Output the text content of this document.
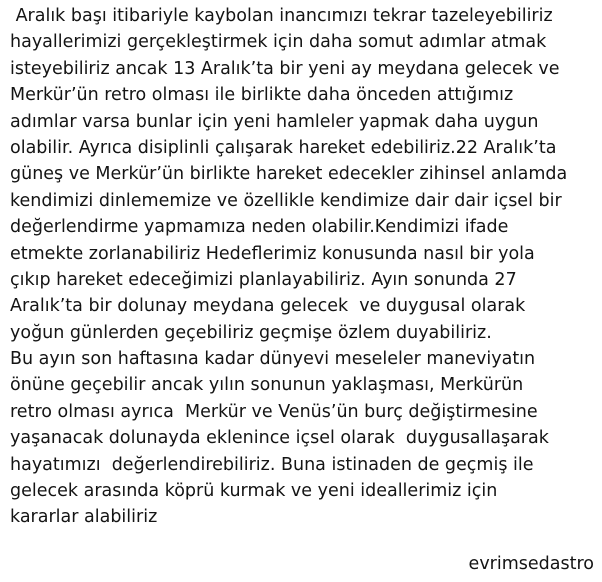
Aralık başı itibariyle kaybolan inancımızı tekrar tazeleyebiliriz
hayallerimizi gerçekleştirmek için daha somut adımlar atmak
isteyebiliriz ancak 13 Aralık’ta bir yeni ay meydana gelecek ve
Merkür’ün retro olması ile birlikte daha önceden attığımız
adımlar varsa bunlar için yeni hamleler yapmak daha uygun
olabilir. Ayrıca disiplinli çalışarak hareket edebiliriz.22 Aralık’ta
güneş ve Merkür’ün birlikte hareket edecekler zihinsel anlamda
kendimizi dinlememize ve özellikle kendimize dair dair içsel bir
değerlendirme yapmamıza neden olabilir.Kendimizi ifade
etmekte zorlanabiliriz Hedeflerimiz konusunda nasıl bir yola
çıkıp hareket edeceğimizi planlayabiliriz. Ayın sonunda 27
Aralık’ta bir dolunay meydana gelecek  ve duygusal olarak
yoğun günlerden geçebiliriz geçmişe özlem duyabiliriz.
Bu ayın son haftasına kadar dünyevi meseleler maneviyatın
önüne geçebilir ancak yılın sonunun yaklaşması, Merkürün
retro olması ayrıca  Merkür ve Venüs’ün burç değiştirmesine
yaşanacak dolunayda eklenince içsel olarak  duygusallaşarak
hayatımızı  değerlendirebiliriz. Buna istinaden de geçmiş ile
gelecek arasında köprü kurmak ve yeni ideallerimiz için
kararlar alabiliriz
evrimsedastro
